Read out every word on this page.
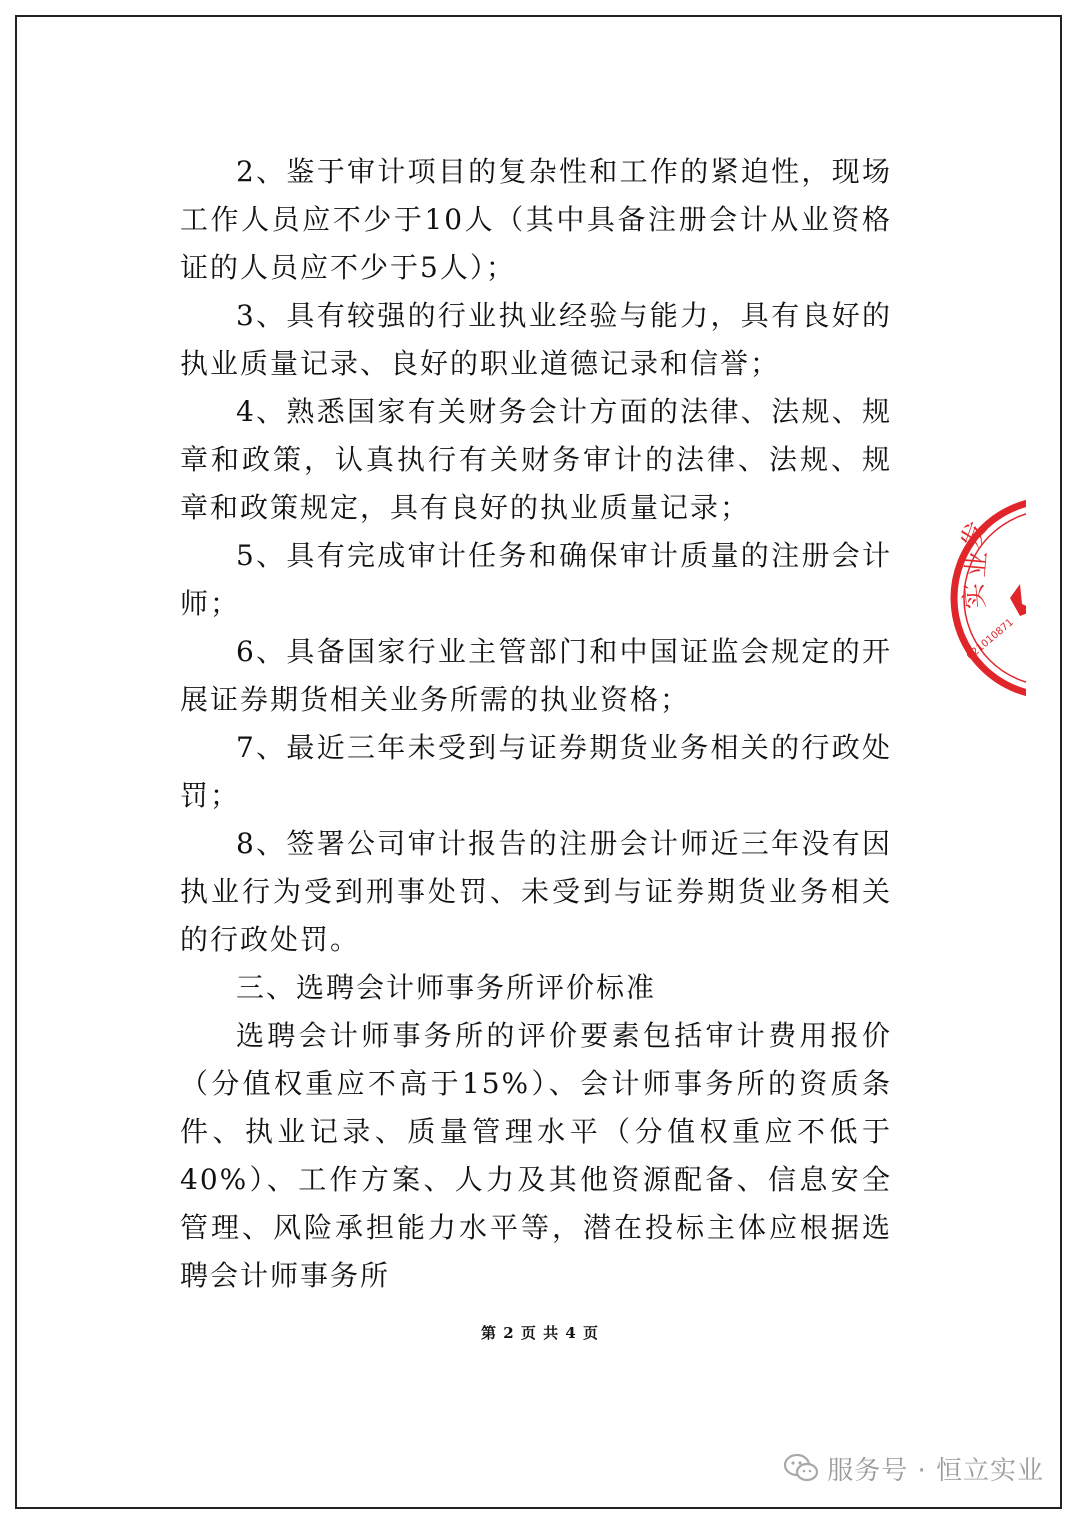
2、鉴于审计项目的复杂性和工作的紧迫性，现场工作人员应不少于10人（其中具备注册会计从业资格证的人员应不少于5人）；

3、具有较强的行业执业经验与能力，具有良好的执业质量记录、良好的职业道德记录和信誉；

4、熟悉国家有关财务会计方面的法律、法规、规章和政策，认真执行有关财务审计的法律、法规、规章和政策规定，具有良好的执业质量记录；

5、具有完成审计任务和确保审计质量的注册会计师；

6、具备国家行业主管部门和中国证监会规定的开展证券期货相关业务所需的执业资格；

7、最近三年未受到与证券期货业务相关的行政处罚；

8、签署公司审计报告的注册会计师近三年没有因执业行为受到刑事处罚、未受到与证券期货业务相关的行政处罚。

三、选聘会计师事务所评价标准

选聘会计师事务所的评价要素包括审计费用报价（分值权重应不高于15%）、会计师事务所的资质条件、执业记录、质量管理水平（分值权重应不低于40%）、工作方案、人力及其他资源配备、信息安全管理、风险承担能力水平等，潜在投标主体应根据选聘会计师事务所

第 2 页 共 4 页
发
业
实
021010871
服务号 · 恒立实业
